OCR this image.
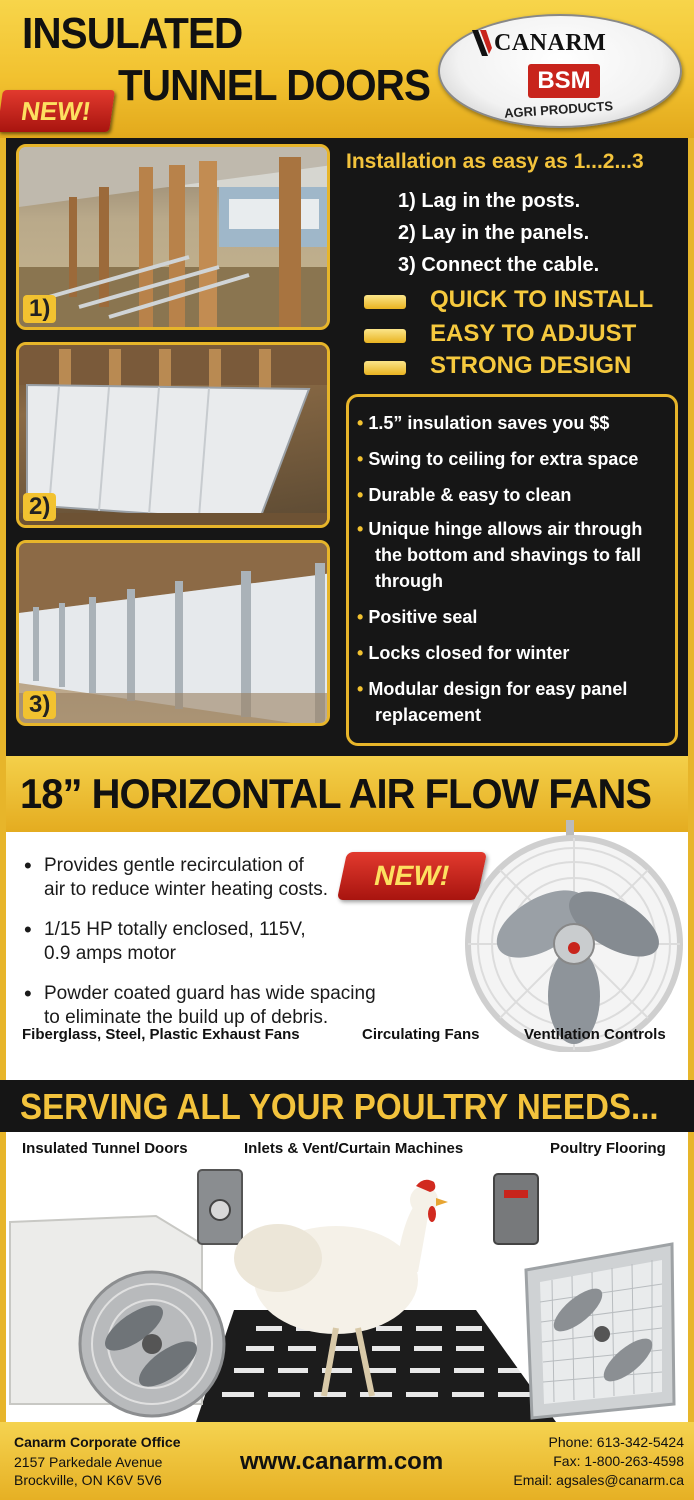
INSULATED
TUNNEL DOORS
NEW!
CANARM
BSM
AGRI PRODUCTS
1)
2)
3)
Installation as easy as 1...2...3
1) Lag in the posts.
2) Lay in the panels.
3) Connect the cable.
QUICK TO INSTALL
EASY TO ADJUST
STRONG DESIGN
• 1.5” insulation saves you $$
• Swing to ceiling for extra space
• Durable & easy to clean
• Unique hinge allows air through
the bottom and shavings to fall
through
• Positive seal
• Locks closed for winter
• Modular design for easy panel
replacement
18” HORIZONTAL AIR FLOW FANS
• Provides gentle recirculation of
air to reduce winter heating costs.
• 1/15 HP totally enclosed, 115V,
0.9 amps motor
• Powder coated guard has wide spacing
to eliminate the build up of debris.
NEW!
Fiberglass, Steel, Plastic Exhaust Fans	Circulating Fans	Ventilation Controls
SERVING ALL YOUR POULTRY NEEDS...
Insulated Tunnel Doors	Inlets & Vent/Curtain Machines	Poultry Flooring
Canarm Corporate Office
2157 Parkedale Avenue
Brockville, ON K6V 5V6
www.canarm.com
Phone: 613-342-5424
Fax: 1-800-263-4598
Email: agsales@canarm.ca
